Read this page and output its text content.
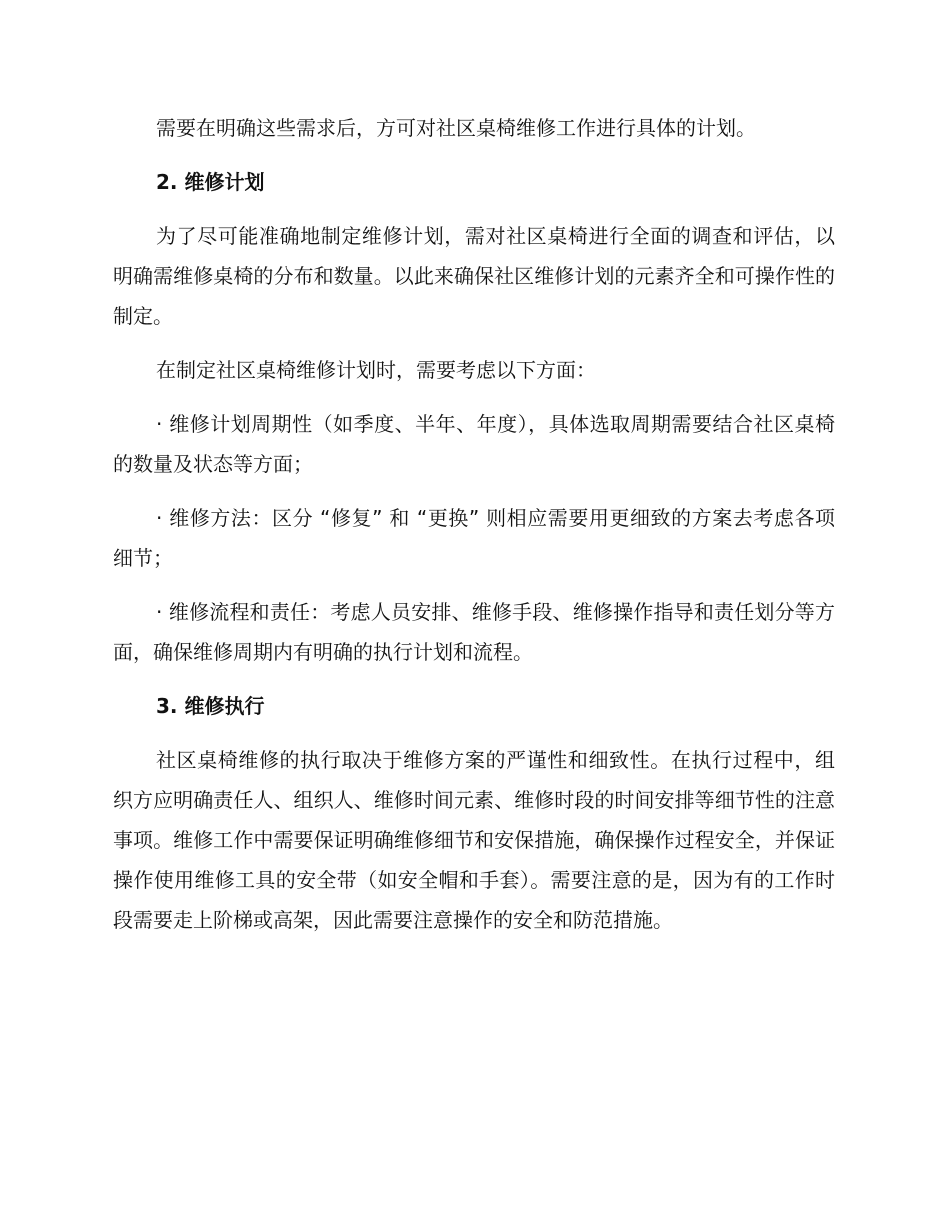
需要在明确这些需求后，方可对社区桌椅维修工作进行具体的计划。

2. 维修计划

为了尽可能准确地制定维修计划，需对社区桌椅进行全面的调查和评估，以明确需维修桌椅的分布和数量。以此来确保社区维修计划的元素齐全和可操作性的制定。

在制定社区桌椅维修计划时，需要考虑以下方面：

· 维修计划周期性（如季度、半年、年度），具体选取周期需要结合社区桌椅的数量及状态等方面；

· 维修方法：区分 “修复” 和 “更换” 则相应需要用更细致的方案去考虑各项细节；

· 维修流程和责任：考虑人员安排、维修手段、维修操作指导和责任划分等方面，确保维修周期内有明确的执行计划和流程。

3. 维修执行

社区桌椅维修的执行取决于维修方案的严谨性和细致性。在执行过程中，组织方应明确责任人、组织人、维修时间元素、维修时段的时间安排等细节性的注意事项。维修工作中需要保证明确维修细节和安保措施，确保操作过程安全，并保证操作使用维修工具的安全带（如安全帽和手套）。需要注意的是，因为有的工作时段需要走上阶梯或高架，因此需要注意操作的安全和防范措施。
